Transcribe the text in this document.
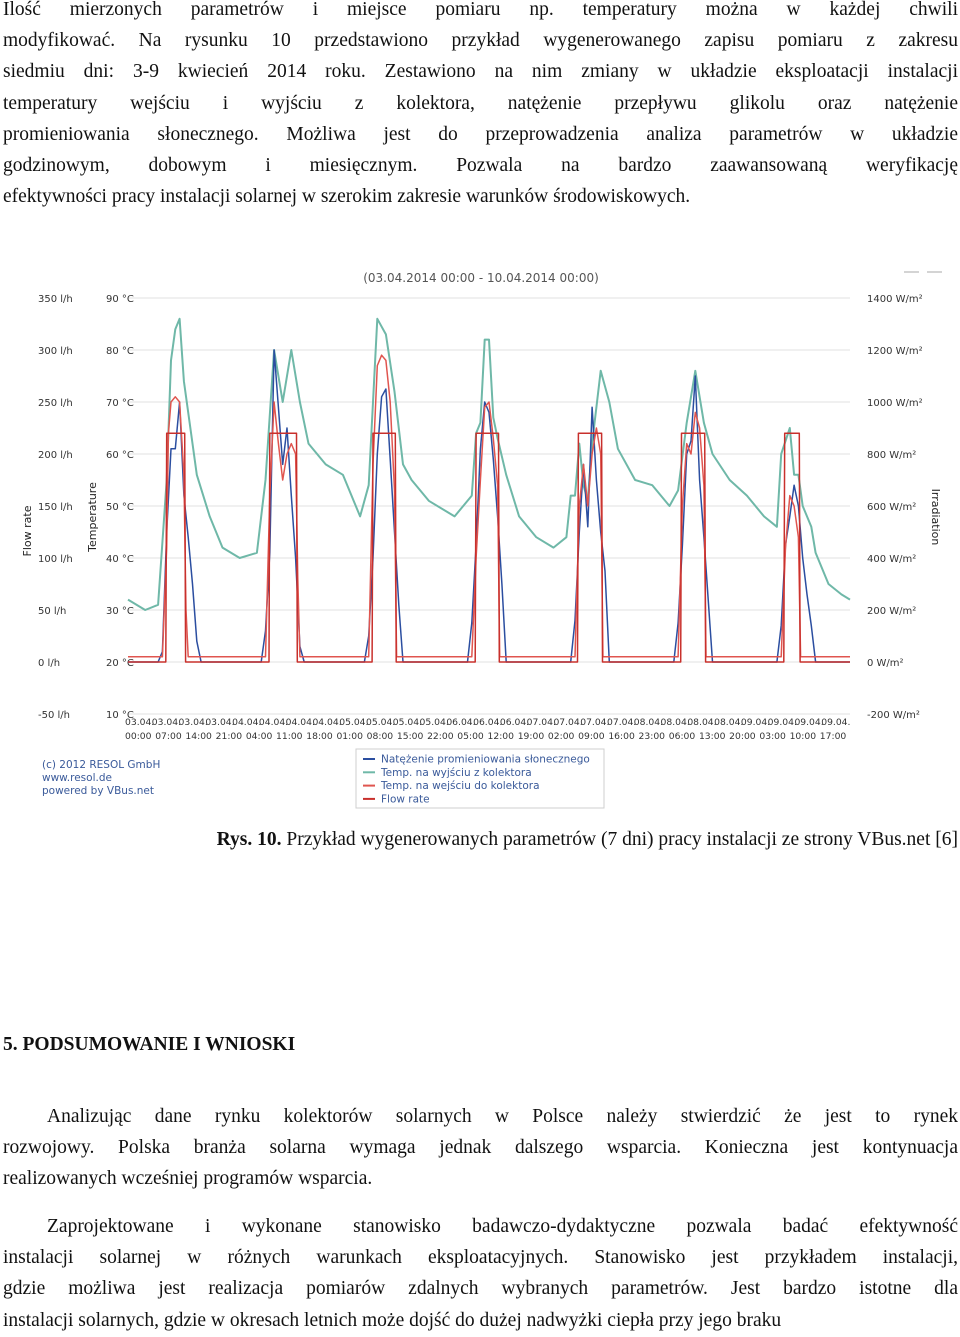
Ilość mierzonych parametrów i miejsce pomiaru np. temperatury można w każdej chwili
modyfikować. Na rysunku 10 przedstawiono przykład wygenerowanego zapisu pomiaru z zakresu
siedmiu dni: 3-9 kwiecień 2014 roku. Zestawiono na nim zmiany w układzie eksploatacji instalacji
temperatury wejściu i wyjściu z kolektora, natężenie przepływu glikolu oraz natężenie
promieniowania słonecznego. Możliwa jest do przeprowadzenia analiza parametrów w układzie
godzinowym, dobowym i miesięcznym. Pozwala na bardzo zaawansowaną weryfikację
efektywności pracy instalacji solarnej w szerokim zakresie warunków środowiskowych.

(03.04.2014 00:00 - 10.04.2014 00:00)
350 l/h	90 °C	1400 W/m²
300 l/h	80 °C	1200 W/m²
250 l/h	70 °C	1000 W/m²
200 l/h	60 °C	800 W/m²
150 l/h	50 °C	600 W/m²
100 l/h	40 °C	400 W/m²
50 l/h	30 °C	200 W/m²
0 l/h	20 °C	0 W/m²
-50 l/h	10 °C	-200 W/m²
Flow rate	Temperature	Irradiation
03.04.
03.04.
03.04.
03.04.
04.04.
04.04.
04.04.
04.04.
05.04.
05.04.
05.04.
05.04.
06.04.
06.04.
06.04.
07.04.
07.04.
07.04.
07.04.
08.04.
08.04.
08.04.
08.04.
09.04.
09.04.
09.04.
09.04.
00:00 07:00 14:00 21:00 04:00 11:00 18:00 01:00 08:00 15:00 22:00 05:00 12:00 19:00 02:00 09:00 16:00 23:00 06:00 13:00 20:00 03:00 10:00 17:00
(c) 2012 RESOL GmbH
www.resol.de
powered by VBus.net
Natężenie promieniowania słonecznego
Temp. na wyjściu z kolektora
Temp. na wejściu do kolektora
Flow rate
Rys. 10. Przykład wygenerowanych parametrów (7 dni) pracy instalacji ze strony VBus.net [6]
5. PODSUMOWANIE I WNIOSKI

Analizując dane rynku kolektorów solarnych w Polsce należy stwierdzić że jest to rynek
rozwojowy. Polska branża solarna wymaga jednak dalszego wsparcia. Konieczna jest kontynuacja
realizowanych wcześniej programów wsparcia.

Zaprojektowane i wykonane stanowisko badawczo-dydaktyczne pozwala badać efektywność
instalacji solarnej w różnych warunkach eksploatacyjnych. Stanowisko jest przykładem instalacji,
gdzie możliwa jest realizacja pomiarów zdalnych wybranych parametrów. Jest bardzo istotne dla
instalacji solarnych, gdzie w okresach letnich może dojść do dużej nadwyżki ciepła przy jego braku
